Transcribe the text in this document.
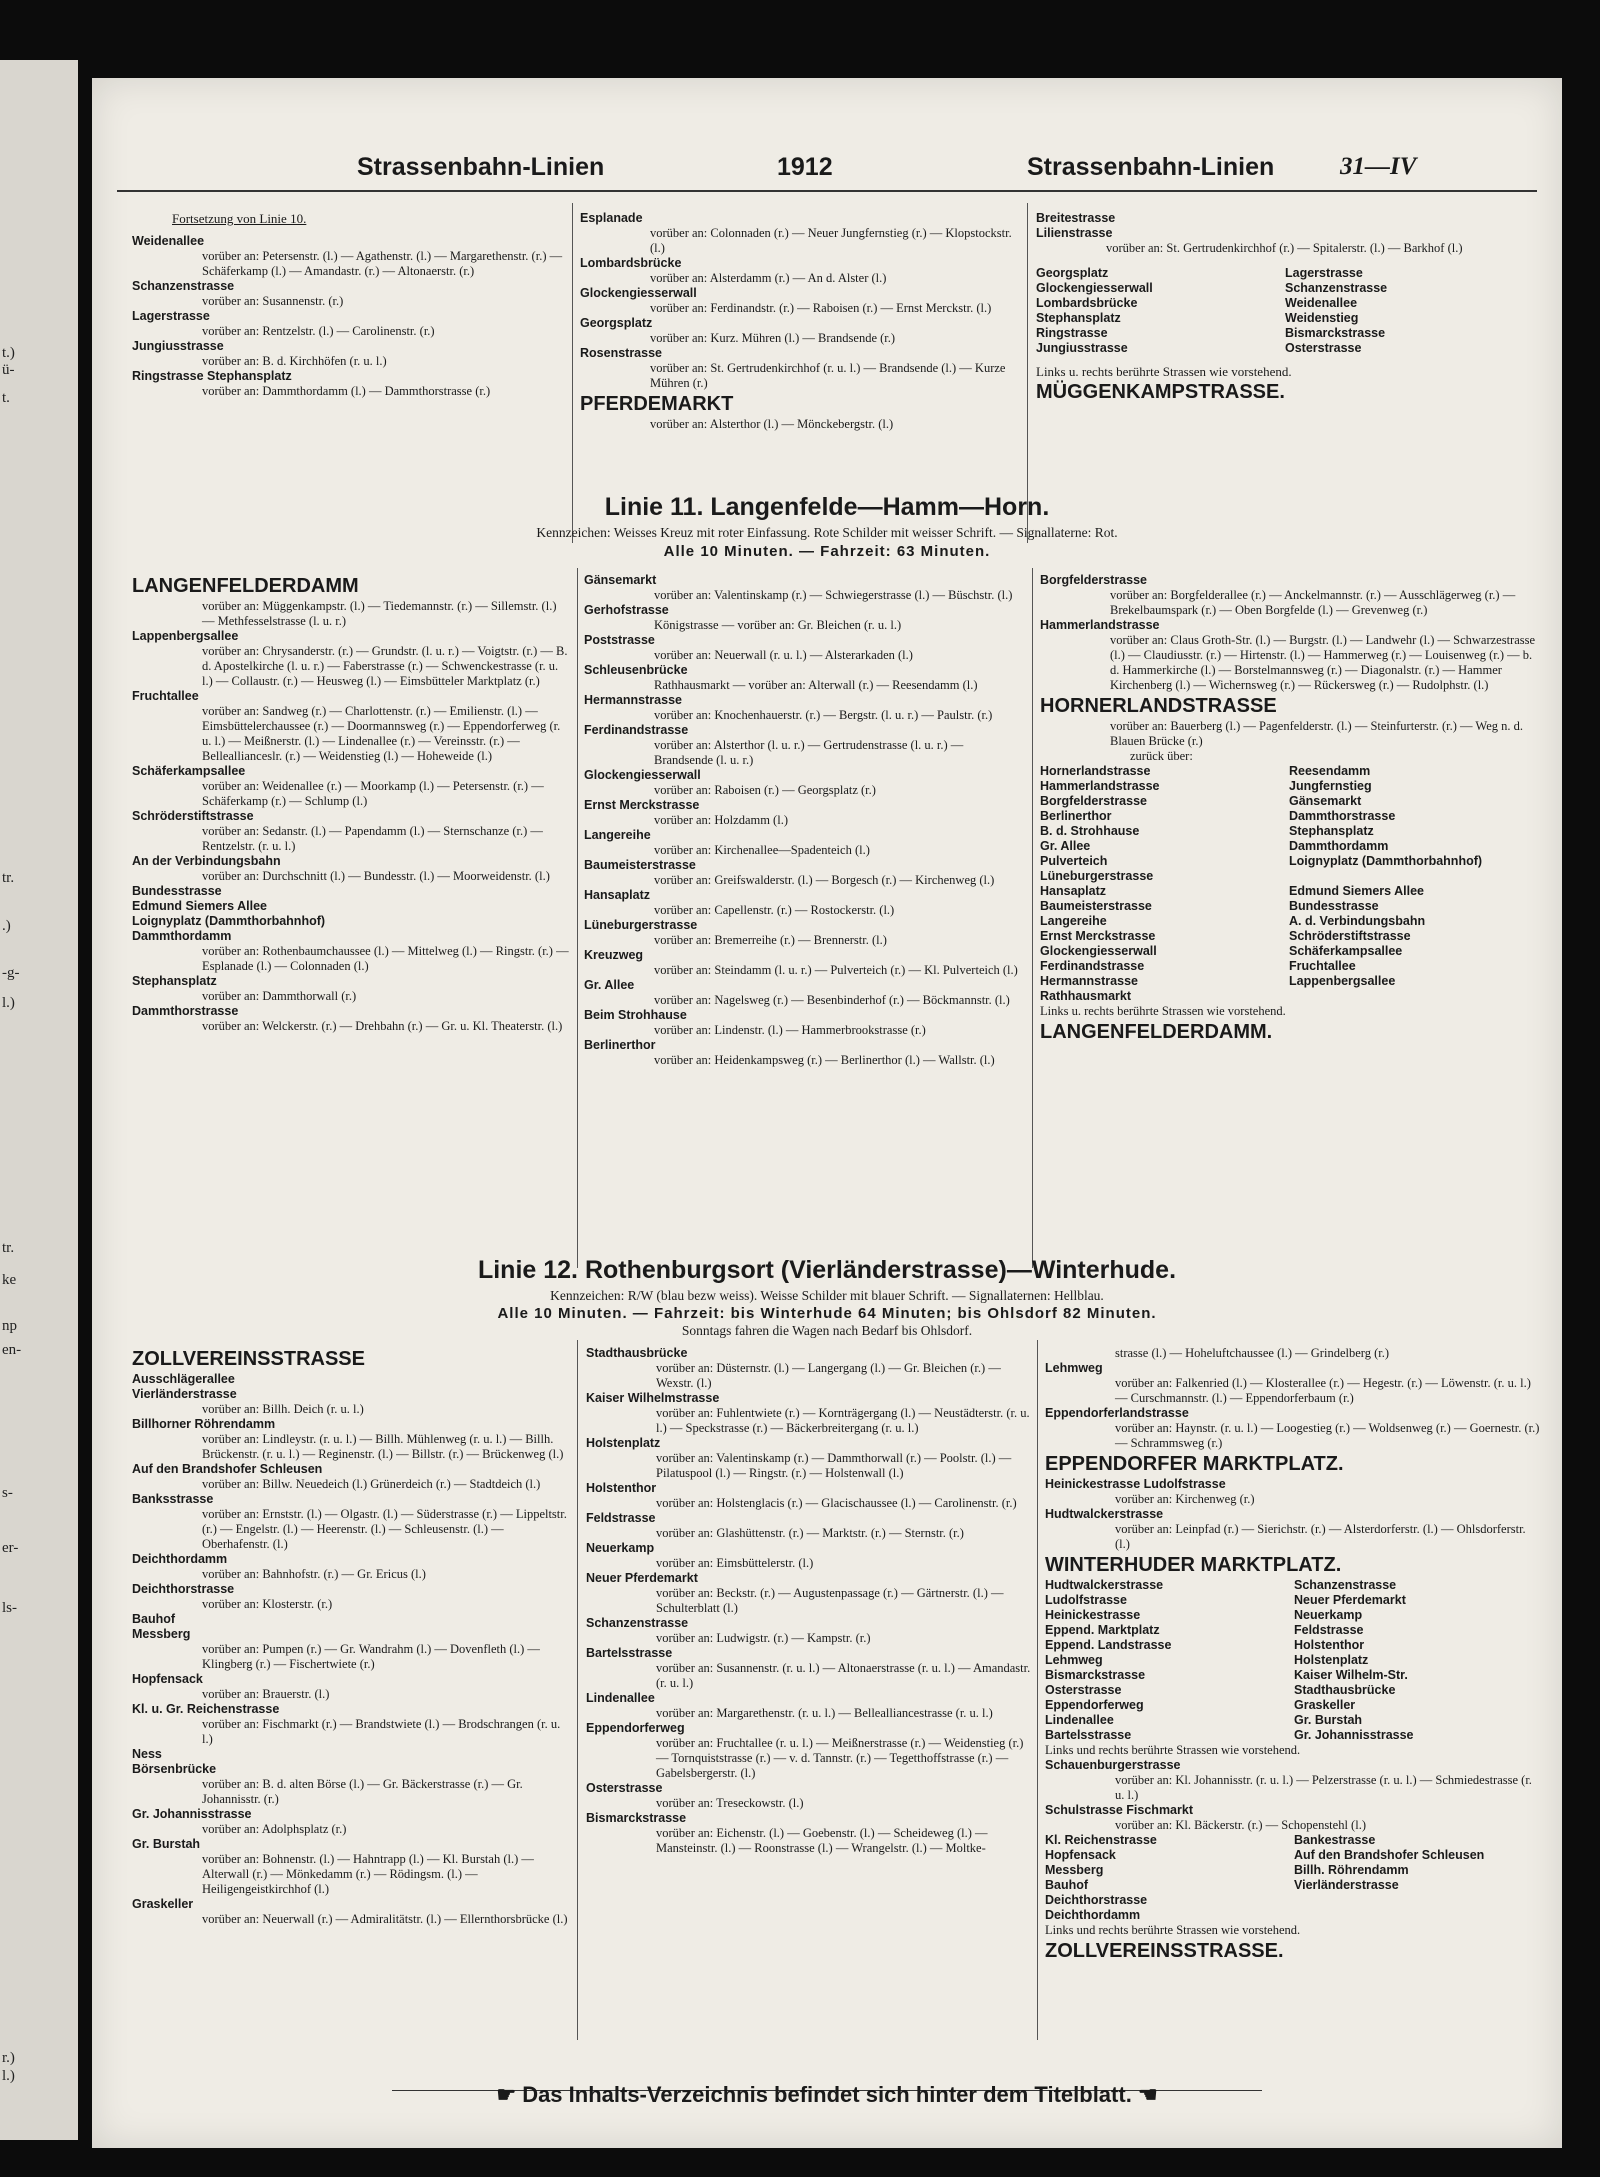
t.)
ü-
t.
tr.
.)
-g-
l.)
tr.
ke
np
en-
s-
er-
ls-
r.)
l.)
Strassenbahn-Linien	1912	Strassenbahn-Linien	31—IV

Fortsetzung von Linie 10.

Weidenallee

vorüber an: Petersenstr. (l.) — Agathenstr. (l.) — Margarethenstr. (r.) — Schäferkamp (l.) — Amandastr. (r.) — Altonaerstr. (r.)

Schanzenstrasse

vorüber an: Susannenstr. (r.)

Lagerstrasse

vorüber an: Rentzelstr. (l.) — Carolinenstr. (r.)

Jungiusstrasse

vorüber an: B. d. Kirchhöfen (r. u. l.)

Ringstrasse Stephansplatz

vorüber an: Dammthordamm (l.) — Dammthorstrasse (r.)

Esplanade

vorüber an: Colonnaden (r.) — Neuer Jungfernstieg (r.) — Klopstockstr. (l.)

Lombardsbrücke

vorüber an: Alsterdamm (r.) — An d. Alster (l.)

Glockengiesserwall

vorüber an: Ferdinandstr. (r.) — Raboisen (r.) — Ernst Merckstr. (l.)

Georgsplatz

vorüber an: Kurz. Mühren (l.) — Brandsende (r.)

Rosenstrasse

vorüber an: St. Gertrudenkirchhof (r. u. l.) — Brandsende (l.) — Kurze Mühren (r.)

PFERDEMARKT

vorüber an: Alsterthor (l.) — Mönckebergstr. (l.)

Breitestrasse

Lilienstrasse

vorüber an: St. Gertrudenkirchhof (r.) — Spitalerstr. (l.) — Barkhof (l.)

Georgsplatz	Lagerstrasse
Glockengiesserwall	Schanzenstrasse
Lombardsbrücke	Weidenallee
Stephansplatz	Weidenstieg
Ringstrasse	Bismarckstrasse
Jungiusstrasse	Osterstrasse

Links u. rechts berührte Strassen wie vorstehend.

MÜGGENKAMPSTRASSE.

Linie 11. Langenfelde—Hamm—Horn.
Kennzeichen: Weisses Kreuz mit roter Einfassung. Rote Schilder mit weisser Schrift. — Signallaterne: Rot.
Alle 10 Minuten. — Fahrzeit: 63 Minuten.

LANGENFELDERDAMM

vorüber an: Müggenkampstr. (l.) — Tiedemannstr. (r.) — Sillemstr. (l.) — Methfesselstrasse (l. u. r.)

Lappenbergsallee

vorüber an: Chrysanderstr. (r.) — Grundstr. (l. u. r.) — Voigtstr. (r.) — B. d. Apostelkirche (l. u. r.) — Faberstrasse (r.) — Schwenckestrasse (r. u. l.) — Collaustr. (r.) — Heusweg (l.) — Eimsbütteler Marktplatz (r.)

Fruchtallee

vorüber an: Sandweg (r.) — Charlottenstr. (r.) — Emilienstr. (l.) — Eimsbüttelerchaussee (r.) — Doormannsweg (r.) — Eppendorferweg (r. u. l.) — Meißnerstr. (l.) — Lindenallee (r.) — Vereinsstr. (r.) — Belleallianceslr. (r.) — Weidenstieg (l.) — Hoheweide (l.)

Schäferkampsallee

vorüber an: Weidenallee (r.) — Moorkamp (l.) — Petersenstr. (r.) — Schäferkamp (r.) — Schlump (l.)

Schröderstiftstrasse

vorüber an: Sedanstr. (l.) — Papendamm (l.) — Sternschanze (r.) — Rentzelstr. (r. u. l.)

An der Verbindungsbahn

vorüber an: Durchschnitt (l.) — Bundesstr. (l.) — Moorweidenstr. (l.)

Bundesstrasse

Edmund Siemers Allee

Loignyplatz (Dammthorbahnhof)

Dammthordamm

vorüber an: Rothenbaumchaussee (l.) — Mittelweg (l.) — Ringstr. (r.) — Esplanade (l.) — Colonnaden (l.)

Stephansplatz

vorüber an: Dammthorwall (r.)

Dammthorstrasse

vorüber an: Welckerstr. (r.) — Drehbahn (r.) — Gr. u. Kl. Theaterstr. (l.)

Gänsemarkt

vorüber an: Valentinskamp (r.) — Schwiegerstrasse (l.) — Büschstr. (l.)

Gerhofstrasse

Königstrasse — vorüber an: Gr. Bleichen (r. u. l.)

Poststrasse

vorüber an: Neuerwall (r. u. l.) — Alsterarkaden (l.)

Schleusenbrücke

Rathhausmarkt — vorüber an: Alterwall (r.) — Reesendamm (l.)

Hermannstrasse

vorüber an: Knochenhauerstr. (r.) — Bergstr. (l. u. r.) — Paulstr. (r.)

Ferdinandstrasse

vorüber an: Alsterthor (l. u. r.) — Gertrudenstrasse (l. u. r.) — Brandsende (l. u. r.)

Glockengiesserwall

vorüber an: Raboisen (r.) — Georgsplatz (r.)

Ernst Merckstrasse

vorüber an: Holzdamm (l.)

Langereihe

vorüber an: Kirchenallee—Spadenteich (l.)

Baumeisterstrasse

vorüber an: Greifswalderstr. (l.) — Borgesch (r.) — Kirchenweg (l.)

Hansaplatz

vorüber an: Capellenstr. (r.) — Rostockerstr. (l.)

Lüneburgerstrasse

vorüber an: Bremerreihe (r.) — Brennerstr. (l.)

Kreuzweg

vorüber an: Steindamm (l. u. r.) — Pulverteich (r.) — Kl. Pulverteich (l.)

Gr. Allee

vorüber an: Nagelsweg (r.) — Besenbinderhof (r.) — Böckmannstr. (l.)

Beim Strohhause

vorüber an: Lindenstr. (l.) — Hammerbrookstrasse (r.)

Berlinerthor

vorüber an: Heidenkampsweg (r.) — Berlinerthor (l.) — Wallstr. (l.)

Borgfelderstrasse

vorüber an: Borgfelderallee (r.) — Anckelmannstr. (r.) — Ausschlägerweg (r.) — Brekelbaumspark (r.) — Oben Borgfelde (l.) — Grevenweg (r.)

Hammerlandstrasse

vorüber an: Claus Groth-Str. (l.) — Burgstr. (l.) — Landwehr (l.) — Schwarzestrasse (l.) — Claudiusstr. (r.) — Hirtenstr. (l.) — Hammerweg (r.) — Louisenweg (r.) — b. d. Hammerkirche (l.) — Borstelmannsweg (r.) — Diagonalstr. (r.) — Hammer Kirchenberg (l.) — Wichernsweg (r.) — Rückersweg (r.) — Rudolphstr. (l.)

HORNERLANDSTRASSE

vorüber an: Bauerberg (l.) — Pagenfelderstr. (l.) — Steinfurterstr. (r.) — Weg n. d. Blauen Brücke (r.)

zurück über:

Hornerlandstrasse	Reesendamm
Hammerlandstrasse	Jungfernstieg
Borgfelderstrasse	Gänsemarkt
Berlinerthor	Dammthorstrasse
B. d. Strohhause	Stephansplatz
Gr. Allee	Dammthordamm
Pulverteich	Loignyplatz (Dammthorbahnhof)
Lüneburgerstrasse
Hansaplatz	Edmund Siemers Allee
Baumeisterstrasse	Bundesstrasse
Langereihe	A. d. Verbindungsbahn
Ernst Merckstrasse	Schröderstiftstrasse
Glockengiesserwall	Schäferkampsallee
Ferdinandstrasse	Fruchtallee
Hermannstrasse	Lappenbergsallee
Rathhausmarkt

Links u. rechts berührte Strassen wie vorstehend.

LANGENFELDERDAMM.

Linie 12. Rothenburgsort (Vierländerstrasse)—Winterhude.
Kennzeichen: R/W (blau bezw weiss). Weisse Schilder mit blauer Schrift. — Signallaternen: Hellblau.
Alle 10 Minuten. — Fahrzeit: bis Winterhude 64 Minuten; bis Ohlsdorf 82 Minuten.
Sonntags fahren die Wagen nach Bedarf bis Ohlsdorf.

ZOLLVEREINSSTRASSE

Ausschlägerallee

Vierländerstrasse

vorüber an: Billh. Deich (r. u. l.)

Billhorner Röhrendamm

vorüber an: Lindleystr. (r. u. l.) — Billh. Mühlenweg (r. u. l.) — Billh. Brückenstr. (r. u. l.) — Reginenstr. (l.) — Billstr. (r.) — Brückenweg (l.)

Auf den Brandshofer Schleusen

vorüber an: Billw. Neuedeich (l.) Grünerdeich (r.) — Stadtdeich (l.)

Banksstrasse

vorüber an: Ernststr. (l.) — Olgastr. (l.) — Süderstrasse (r.) — Lippeltstr. (r.) — Engelstr. (l.) — Heerenstr. (l.) — Schleusenstr. (l.) — Oberhafenstr. (l.)

Deichthordamm

vorüber an: Bahnhofstr. (r.) — Gr. Ericus (l.)

Deichthorstrasse

vorüber an: Klosterstr. (r.)

Bauhof

Messberg

vorüber an: Pumpen (r.) — Gr. Wandrahm (l.) — Dovenfleth (l.) — Klingberg (r.) — Fischertwiete (r.)

Hopfensack

vorüber an: Brauerstr. (l.)

Kl. u. Gr. Reichenstrasse

vorüber an: Fischmarkt (r.) — Brandstwiete (l.) — Brodschrangen (r. u. l.)

Ness

Börsenbrücke

vorüber an: B. d. alten Börse (l.) — Gr. Bäckerstrasse (r.) — Gr. Johannisstr. (r.)

Gr. Johannisstrasse

vorüber an: Adolphsplatz (r.)

Gr. Burstah

vorüber an: Bohnenstr. (l.) — Hahntrapp (l.) — Kl. Burstah (l.) — Alterwall (r.) — Mönkedamm (r.) — Rödingsm. (l.) — Heiligengeistkirchhof (l.)

Graskeller

vorüber an: Neuerwall (r.) — Admiralitätstr. (l.) — Ellernthorsbrücke (l.)

Stadthausbrücke

vorüber an: Düsternstr. (l.) — Langergang (l.) — Gr. Bleichen (r.) — Wexstr. (l.)

Kaiser Wilhelmstrasse

vorüber an: Fuhlentwiete (r.) — Kornträgergang (l.) — Neustädterstr. (r. u. l.) — Speckstrasse (r.) — Bäckerbreitergang (r. u. l.)

Holstenplatz

vorüber an: Valentinskamp (r.) — Dammthorwall (r.) — Poolstr. (l.) — Pilatuspool (l.) — Ringstr. (r.) — Holstenwall (l.)

Holstenthor

vorüber an: Holstenglacis (r.) — Glacischaussee (l.) — Carolinenstr. (r.)

Feldstrasse

vorüber an: Glashüttenstr. (r.) — Marktstr. (r.) — Sternstr. (r.)

Neuerkamp

vorüber an: Eimsbüttelerstr. (l.)

Neuer Pferdemarkt

vorüber an: Beckstr. (r.) — Augustenpassage (r.) — Gärtnerstr. (l.) — Schulterblatt (l.)

Schanzenstrasse

vorüber an: Ludwigstr. (r.) — Kampstr. (r.)

Bartelsstrasse

vorüber an: Susannenstr. (r. u. l.) — Altonaerstrasse (r. u. l.) — Amandastr. (r. u. l.)

Lindenallee

vorüber an: Margarethenstr. (r. u. l.) — Bellealliancestrasse (r. u. l.)

Eppendorferweg

vorüber an: Fruchtallee (r. u. l.) — Meißnerstrasse (r.) — Weidenstieg (r.) — Tornquiststrasse (r.) — v. d. Tannstr. (r.) — Tegetthoffstrasse (r.) — Gabelsbergerstr. (l.)

Osterstrasse

vorüber an: Treseckowstr. (l.)

Bismarckstrasse

vorüber an: Eichenstr. (l.) — Goebenstr. (l.) — Scheideweg (l.) — Mansteinstr. (l.) — Roonstrasse (l.) — Wrangelstr. (l.) — Moltke-

strasse (l.) — Hoheluftchaussee (l.) — Grindelberg (r.)

Lehmweg

vorüber an: Falkenried (l.) — Klosterallee (r.) — Hegestr. (r.) — Löwenstr. (r. u. l.) — Curschmannstr. (l.) — Eppendorferbaum (r.)

Eppendorferlandstrasse

vorüber an: Haynstr. (r. u. l.) — Loogestieg (r.) — Woldsenweg (r.) — Goernestr. (r.) — Schrammsweg (r.)

EPPENDORFER MARKTPLATZ.

Heinickestrasse Ludolfstrasse

vorüber an: Kirchenweg (r.)

Hudtwalckerstrasse

vorüber an: Leinpfad (r.) — Sierichstr. (r.) — Alsterdorferstr. (l.) — Ohlsdorferstr. (l.)

WINTERHUDER MARKTPLATZ.

Hudtwalckerstrasse	Schanzenstrasse
Ludolfstrasse	Neuer Pferdemarkt
Heinickestrasse	Neuerkamp
Eppend. Marktplatz	Feldstrasse
Eppend. Landstrasse	Holstenthor
Lehmweg	Holstenplatz
Bismarckstrasse	Kaiser Wilhelm-Str.
Osterstrasse	Stadthausbrücke
Eppendorferweg	Graskeller
Lindenallee	Gr. Burstah
Bartelsstrasse	Gr. Johannisstrasse

Links und rechts berührte Strassen wie vorstehend.

Schauenburgerstrasse

vorüber an: Kl. Johannisstr. (r. u. l.) — Pelzerstrasse (r. u. l.) — Schmiedestrasse (r. u. l.)

Schulstrasse Fischmarkt

vorüber an: Kl. Bäckerstr. (r.) — Schopenstehl (l.)

Kl. Reichenstrasse	Bankestrasse
Hopfensack	Auf den Brandshofer Schleusen
Messberg	Billh. Röhrendamm
Bauhof	Vierländerstrasse
Deichthorstrasse
Deichthordamm

Links und rechts berührte Strassen wie vorstehend.

ZOLLVEREINSSTRASSE.

☛ Das Inhalts-Verzeichnis befindet sich hinter dem Titelblatt. ☚
